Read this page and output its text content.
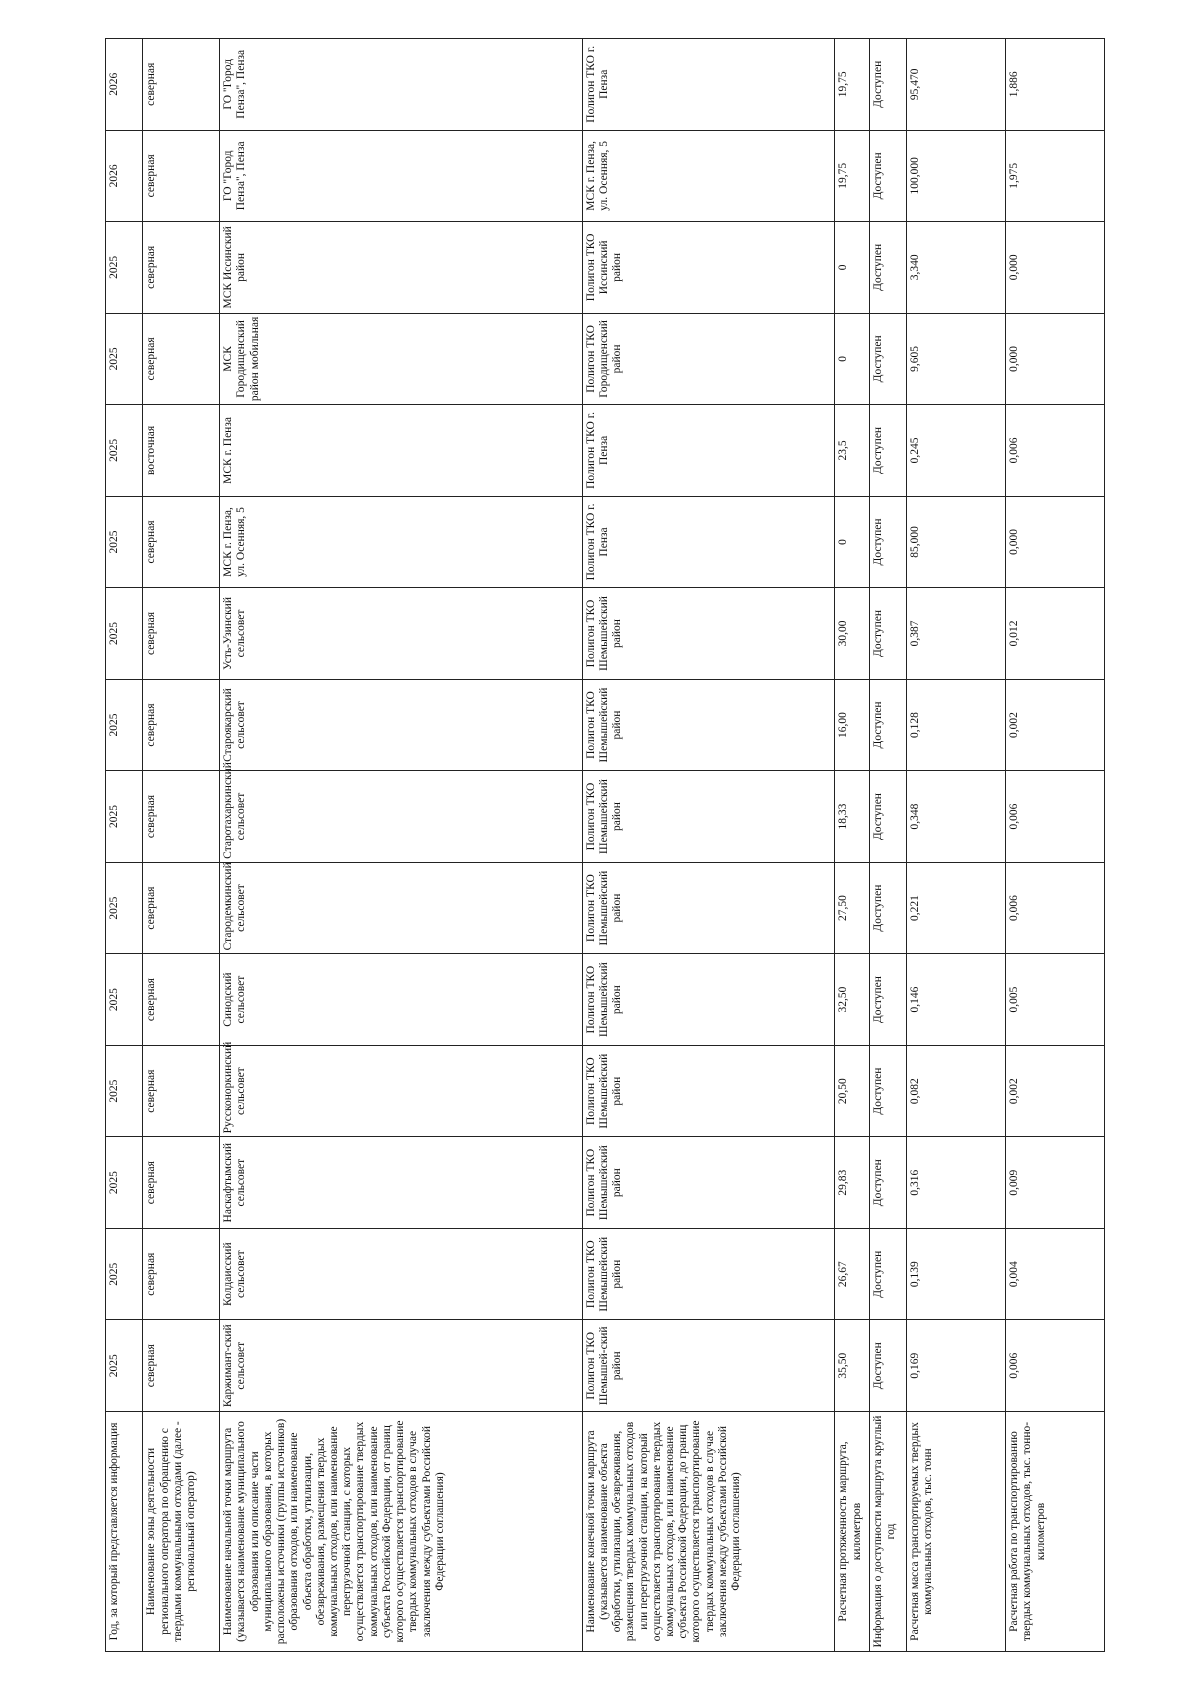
Год, за который представляется информация	2025	2025	2025	2025	2025	2025	2025	2025	2025	2025	2025	2025	2025	2026	2026
Наименование зоны деятельности регионального оператора по обращению с твердыми коммунальными отходами (далее - региональный оператор)	северная	северная	северная	северная	северная	северная	северная	северная	северная	северная	восточная	северная	северная	северная	северная
Наименование начальной точки маршрута (указывается наименование муниципального образования или описание части муниципального образования, в которых расположены источники (группы источников) образования отходов, или наименование объекта обработки, утилизации, обезвреживания, размещения твердых коммунальных отходов, или наименование перегрузочной станции, с которых осуществляется транспортирование твердых коммунальных отходов, или наименование субъекта Российской Федерации, от границ которого осуществляется транспортирование твердых коммунальных отходов в случае заключения между субъектами Российской Федерации соглашения)	Каржимант-ский сельсовет	Колдаисский сельсовет	Наскафтымский сельсовет	Руссконоркинский сельсовет	Синодский сельсовет	Стародемкинский сельсовет	Старотахаркинский сельсовет	Староякарский сельсовет	Усть-Узинский сельсовет	МСК г. Пенза, ул. Осенняя, 5	МСК г. Пенза	МСК Городищенский район мобильная	МСК Иссинский район	ГО "Город Пенза", Пенза	ГО "Город Пенза", Пенза
Наименование конечной точки маршрута (указывается наименование объекта обработки, утилизации, обезвреживания, размещения твердых коммунальных отходов или перегрузочной станции, на который осуществляется транспортирование твердых коммунальных отходов, или наименование субъекта Российской Федерации, до границ которого осуществляется транспортирование твердых коммунальных отходов в случае заключения между субъектами Российской Федерации соглашения)	Полигон ТКО Шемышей-ский район	Полигон ТКО Шемышейский район	Полигон ТКО Шемышейский район	Полигон ТКО Шемышейский район	Полигон ТКО Шемышейский район	Полигон ТКО Шемышейский район	Полигон ТКО Шемышейский район	Полигон ТКО Шемышейский район	Полигон ТКО Шемышейский район	Полигон ТКО г. Пенза	Полигон ТКО г. Пенза	Полигон ТКО Городищенский район	Полигон ТКО Иссинский район	МСК г. Пенза, ул. Осенняя, 5	Полигон ТКО г. Пенза
Расчетная протяженность маршрута, километров	35,50	26,67	29,83	20,50	32,50	27,50	18,33	16,00	30,00	0	23,5	0	0	19,75	19,75
Информация о доступности маршрута круглый год	Доступен	Доступен	Доступен	Доступен	Доступен	Доступен	Доступен	Доступен	Доступен	Доступен	Доступен	Доступен	Доступен	Доступен	Доступен
Расчетная масса транспортируемых твердых коммунальных отходов, тыс. тонн	0,169	0,139	0,316	0,082	0,146	0,221	0,348	0,128	0,387	85,000	0,245	9,605	3,340	100,000	95,470
Расчетная работа по транспортированию твердых коммунальных отходов, тыс. тонно-километров	0,006	0,004	0,009	0,002	0,005	0,006	0,006	0,002	0,012	0,000	0,006	0,000	0,000	1,975	1,886
